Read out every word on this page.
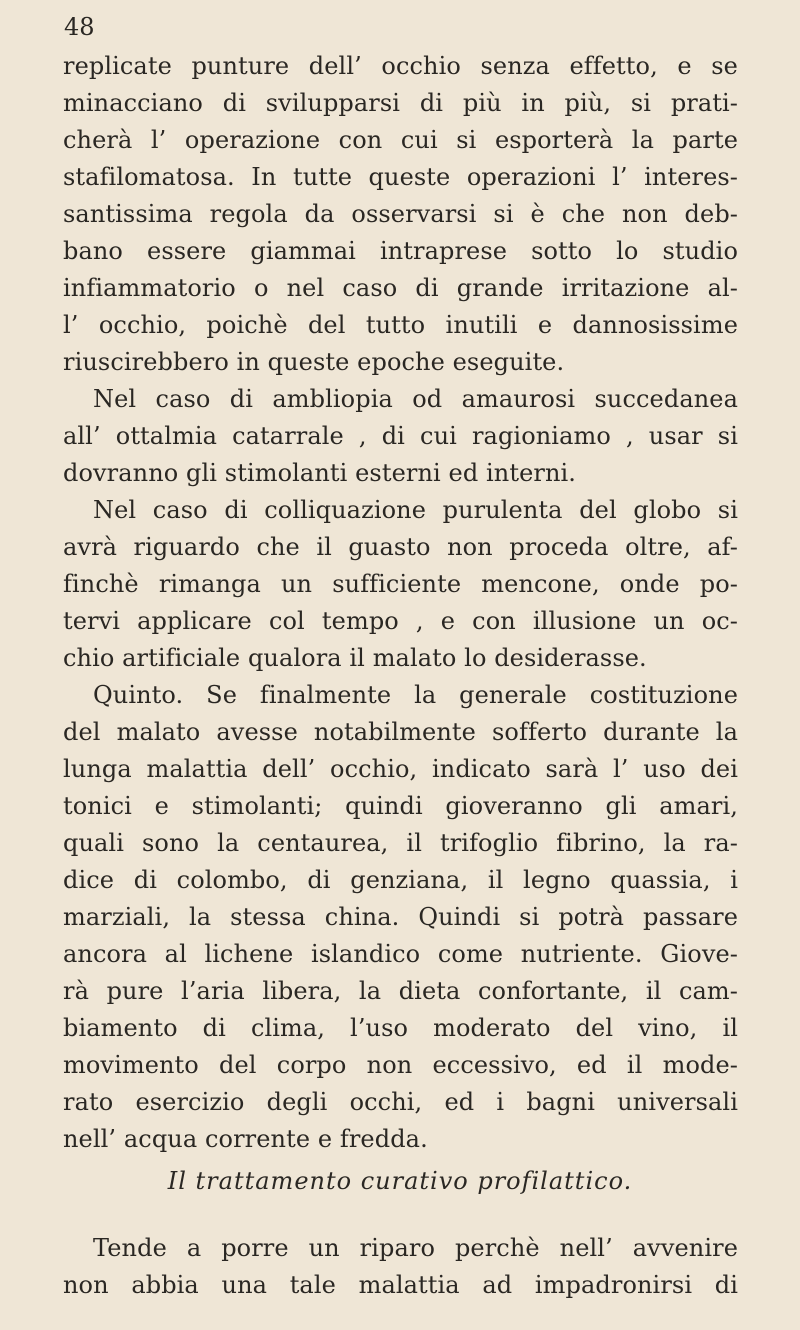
48
replicate punture dell’ occhio senza effetto, e se
minacciano di svilupparsi di più in più, si prati-
cherà l’ operazione con cui si esporterà la parte
stafilomatosa. In tutte queste operazioni l’ interes-
santissima regola da osservarsi si è che non deb-
bano essere giammai intraprese sotto lo studio
infiammatorio o nel caso di grande irritazione al-
l’ occhio, poichè del tutto inutili e dannosissime
riuscirebbero in queste epoche eseguite.
Nel caso di ambliopia od amaurosi succedanea
all’ ottalmia catarrale , di cui ragioniamo , usar si
dovranno gli stimolanti esterni ed interni.
Nel caso di colliquazione purulenta del globo si
avrà riguardo che il guasto non proceda oltre, af-
finchè rimanga un sufficiente mencone, onde po-
tervi applicare col tempo , e con illusione un oc-
chio artificiale qualora il malato lo desiderasse.
Quinto. Se finalmente la generale costituzione
del malato avesse notabilmente sofferto durante la
lunga malattia dell’ occhio, indicato sarà l’ uso dei
tonici e stimolanti; quindi gioveranno gli amari,
quali sono la centaurea, il trifoglio fibrino, la ra-
dice di colombo, di genziana, il legno quassia, i
marziali, la stessa china. Quindi si potrà passare
ancora al lichene islandico come nutriente. Giove-
rà pure l’aria libera, la dieta confortante, il cam-
biamento di clima, l’uso moderato del vino, il
movimento del corpo non eccessivo, ed il mode-
rato esercizio degli occhi, ed i bagni universali
nell’ acqua corrente e fredda.
Il trattamento curativo profilattico.
Tende a porre un riparo perchè nell’ avvenire
non abbia una tale malattia ad impadronirsi di
